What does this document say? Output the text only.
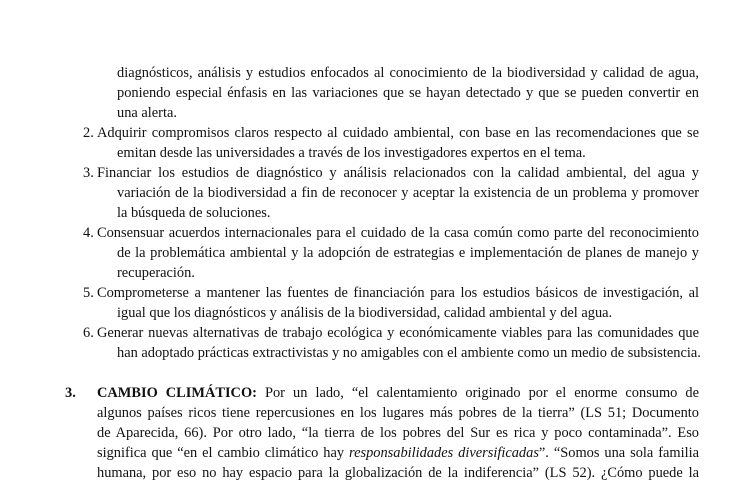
diagnósticos, análisis y estudios enfocados al conocimiento de la biodiversidad y calidad de agua,
poniendo especial énfasis en las variaciones que se hayan detectado y que se pueden convertir en
una alerta.
2. Adquirir compromisos claros respecto al cuidado ambiental, con base en las recomendaciones que se
emitan desde las universidades a través de los investigadores expertos en el tema.
3. Financiar los estudios de diagnóstico y análisis relacionados con la calidad ambiental, del agua y
variación de la biodiversidad a fin de reconocer y aceptar la existencia de un problema y promover
la búsqueda de soluciones.
4. Consensuar acuerdos internacionales para el cuidado de la casa común como parte del reconocimiento
de la problemática ambiental y la adopción de estrategias e implementación de planes de manejo y
recuperación.
5. Comprometerse a mantener las fuentes de financiación para los estudios básicos de investigación, al
igual que los diagnósticos y análisis de la biodiversidad, calidad ambiental y del agua.
6. Generar nuevas alternativas de trabajo ecológica y económicamente viables para las comunidades que
han adoptado prácticas extractivistas y no amigables con el ambiente como un medio de subsistencia.
3. CAMBIO CLIMÁTICO: Por un lado, “el calentamiento originado por el enorme consumo de
algunos países ricos tiene repercusiones en los lugares más pobres de la tierra” (LS 51; Documento
de Aparecida, 66). Por otro lado, “la tierra de los pobres del Sur es rica y poco contaminada”. Eso
significa que “en el cambio climático hay responsabilidades diversificadas”. “Somos una sola familia
humana, por eso no hay espacio para la globalización de la indiferencia” (LS 52). ¿Cómo puede la
